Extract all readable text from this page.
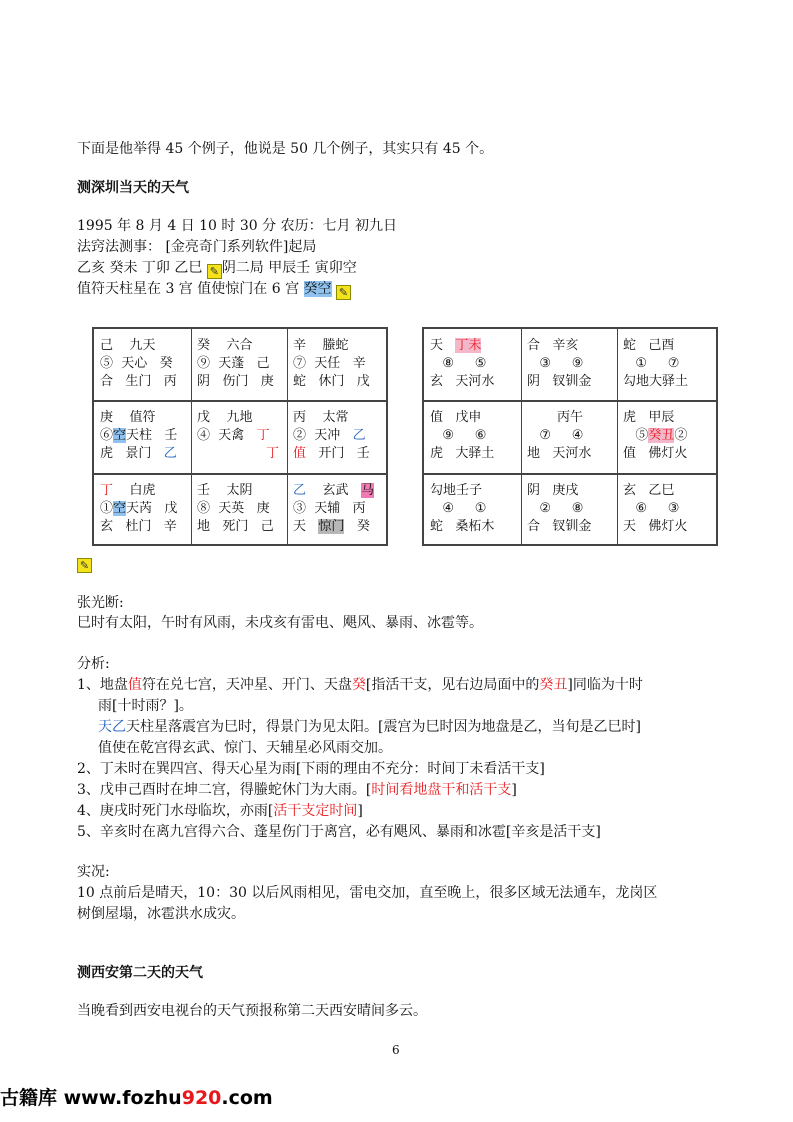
下面是他举得 45 个例子，他说是 50 几个例子，其实只有 45 个。
测深圳当天的天气
1995 年 8 月 4 日 10 时 30 分 农历：七月 初九日
法窍法测事： [金亮奇门系列软件]起局
乙亥 癸未 丁卯 乙巳 ✎ 阴二局 甲辰壬 寅卯空
值符天柱星在 3 宫 值使惊门在 6 宫 癸空 ✎
己    九天
⑤  天心   癸
合   生门   丙
癸    六合
⑨  天蓬   己
阴   伤门   庚
辛    螣蛇
⑦  天任   辛
蛇   休门   戊
庚    值符
⑥空天柱   壬
虎   景门   乙
戊    九地
④  天禽   丁
丁
丙    太常
②  天冲   乙
值   开门   壬
丁    白虎
①空天芮   戊
玄   杜门   辛
壬    太阴
⑧  天英   庚
地   死门   己
乙    玄武   马
③  天辅   丙
天   惊门   癸
天   丁未
⑧     ⑤
玄   天河水
合   辛亥
③     ⑨
阴   钗钏金
蛇   己酉
①     ⑦
勾地大驿土
值   戊申
⑨     ⑥
虎   大驿土
丙午
⑦     ④
地   天河水
虎   甲辰
⑤癸丑②
值   佛灯火
勾地壬子
④     ①
蛇   桑柘木
阴   庚戌
②     ⑧
合   钗钏金
玄   乙巳
⑥     ③
天   佛灯火
✎
张光断:
巳时有太阳，午时有风雨，未戌亥有雷电、飓风、暴雨、冰雹等。
分析:
1、地盘值符在兑七宫，天冲星、开门、天盘癸[指活干支，见右边局面中的癸丑]同临为十时
雨[十时雨？]。
天乙天柱星落震宫为巳时，得景门为见太阳。[震宫为巳时因为地盘是乙，当旬是乙巳时]
值使在乾宫得玄武、惊门、天辅星必风雨交加。
2、丁未时在巽四宫、得天心星为雨[下雨的理由不充分：时间丁未看活干支]
3、戊申己酉时在坤二宫，得螣蛇休门为大雨。[时间看地盘干和活干支]
4、庚戌时死门水母临坎，亦雨[活干支定时间]
5、辛亥时在离九宫得六合、蓬星伤门于离宫，必有飓风、暴雨和冰雹[辛亥是活干支]
实况:
10 点前后是晴天，10：30 以后风雨相见，雷电交加，直至晚上，很多区域无法通车，龙岗区
树倒屋塌，冰雹洪水成灾。
测西安第二天的天气
当晚看到西安电视台的天气预报称第二天西安晴间多云。
6
古籍库 www.fozhu920.com
